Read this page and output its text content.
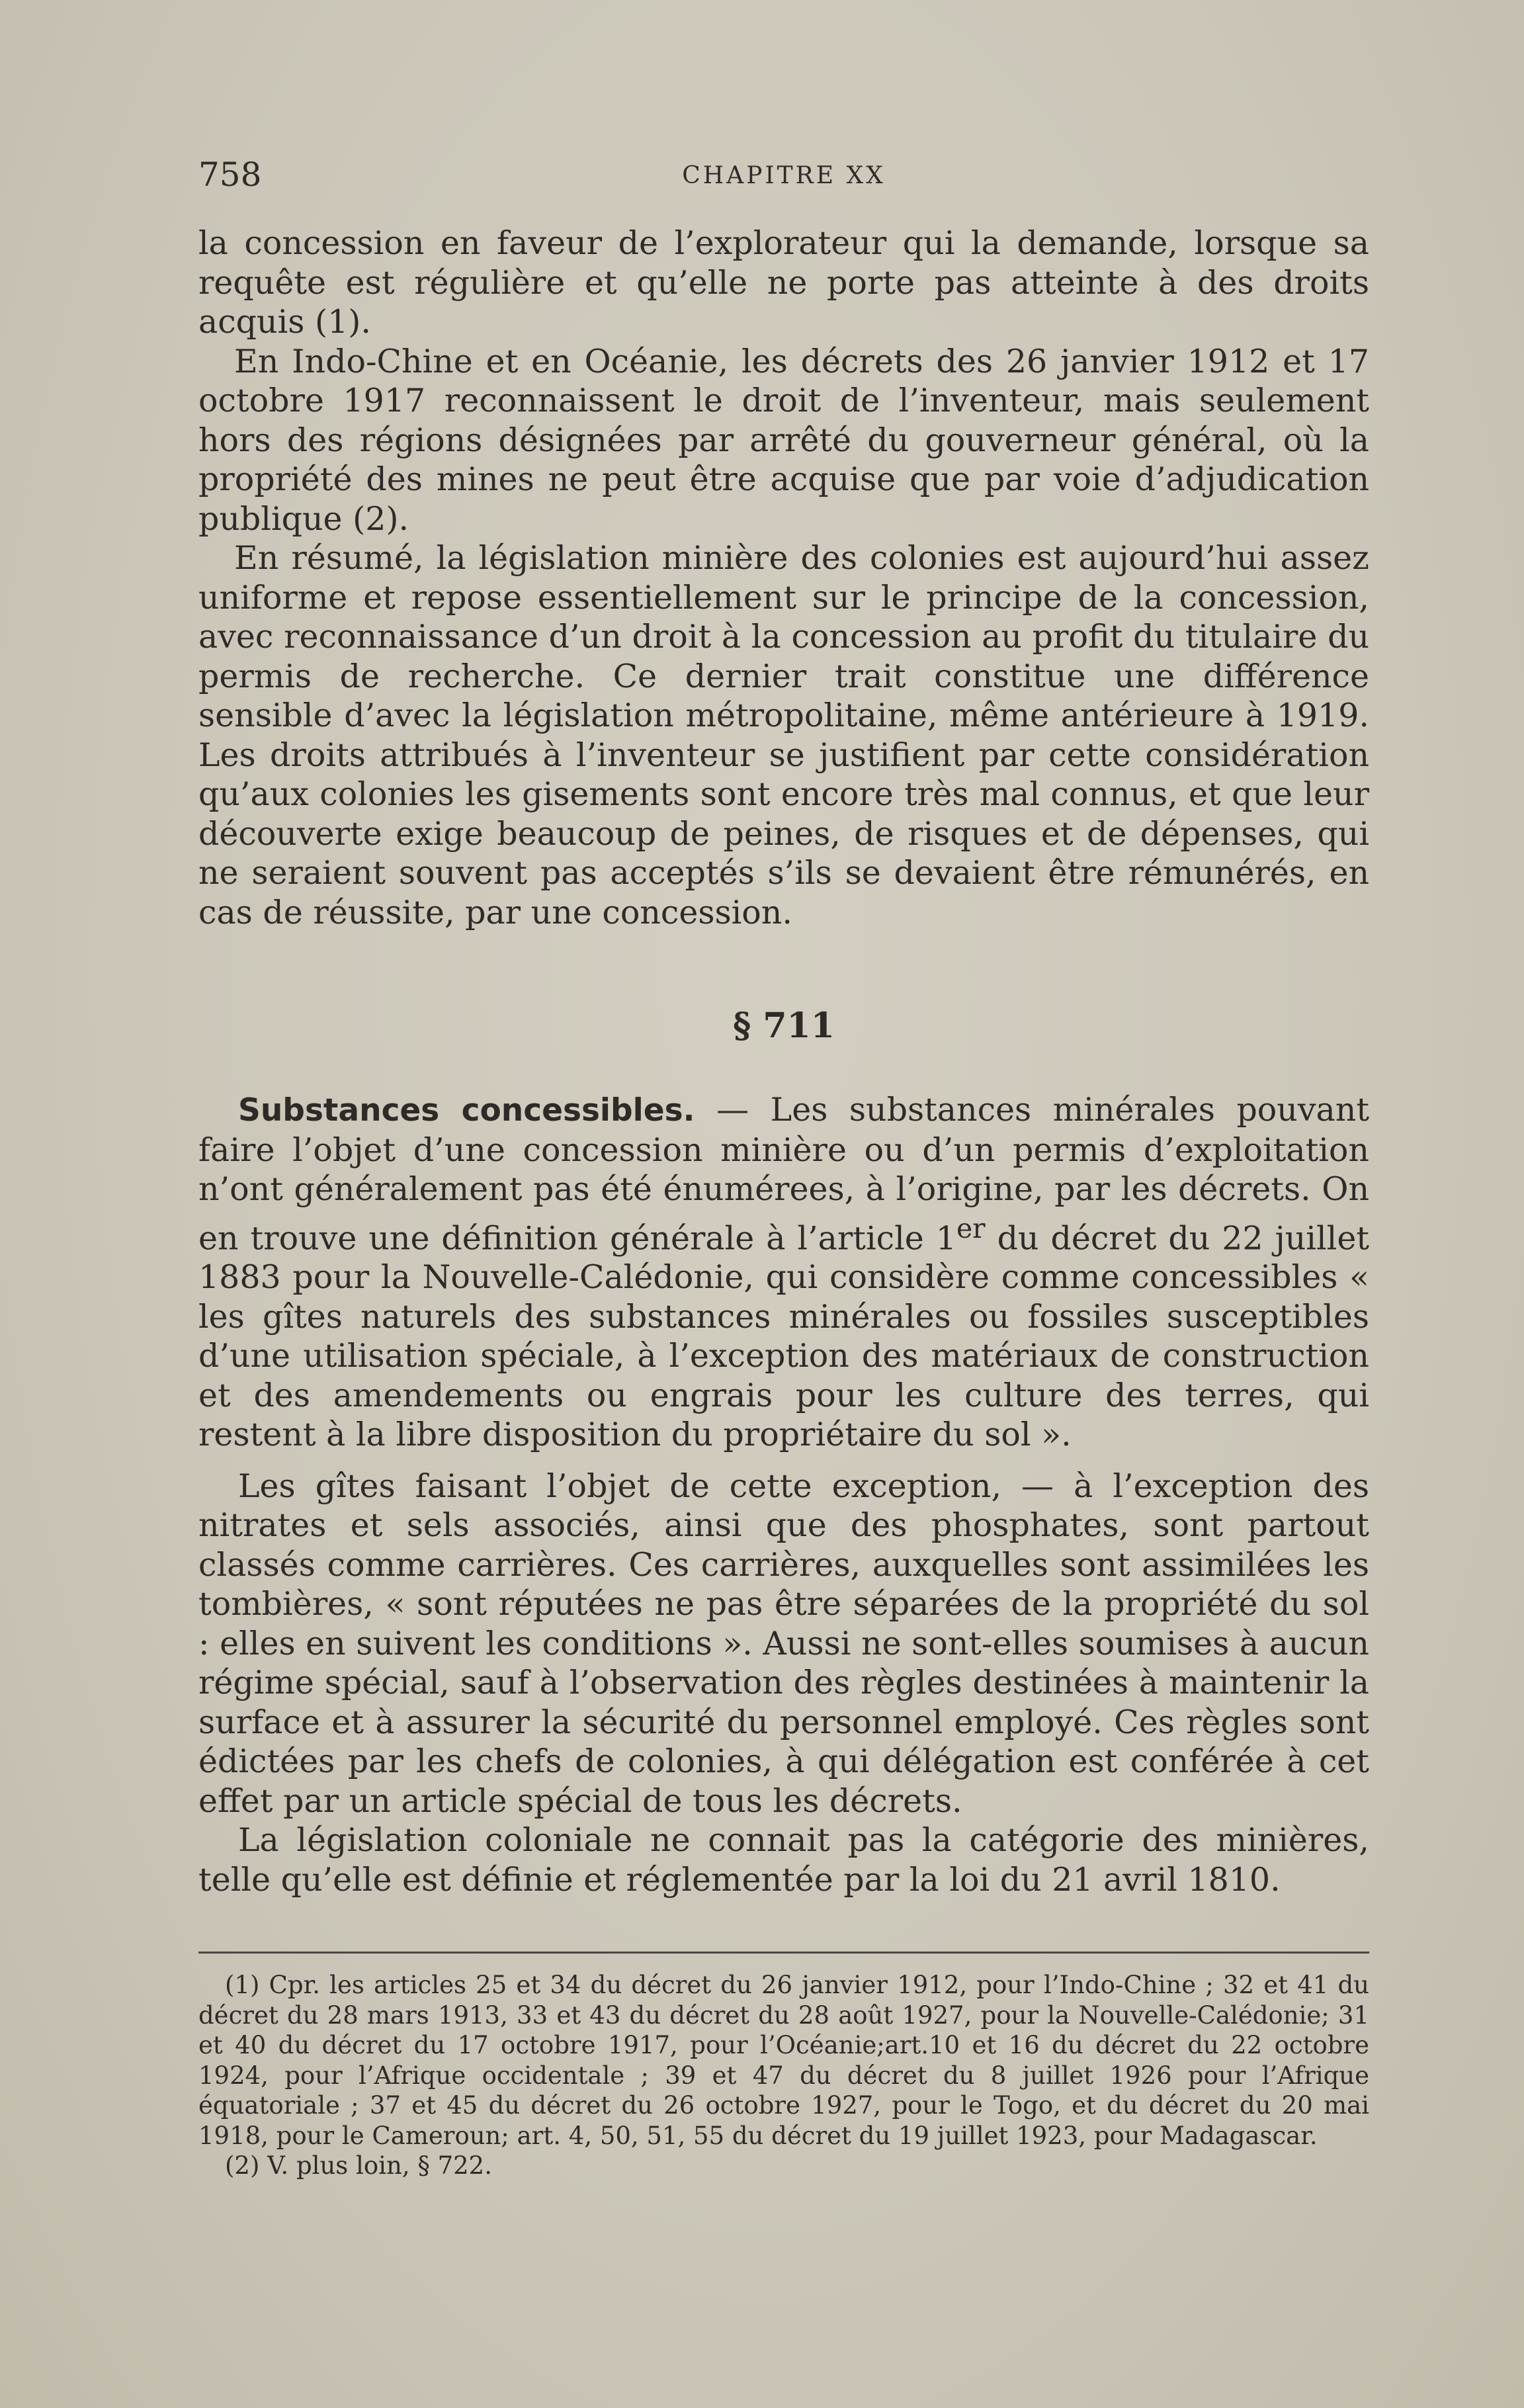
758	CHAPITRE XX

la concession en faveur de l’explorateur qui la demande, lorsque sa requête est régulière et qu’elle ne porte pas atteinte à des droits acquis (1).

En Indo-Chine et en Océanie, les décrets des 26 janvier 1912 et 17 octobre 1917 reconnaissent le droit de l’inventeur, mais seulement hors des régions désignées par arrêté du gouverneur général, où la propriété des mines ne peut être acquise que par voie d’adjudication publique (2).

En résumé, la législation minière des colonies est aujourd’hui assez uniforme et repose essentiellement sur le principe de la concession, avec reconnaissance d’un droit à la concession au profit du titulaire du permis de recherche. Ce dernier trait constitue une différence sensible d’avec la législation métropolitaine, même antérieure à 1919. Les droits attribués à l’inventeur se justifient par cette considération qu’aux colonies les gisements sont encore très mal connus, et que leur découverte exige beaucoup de peines, de risques et de dépenses, qui ne seraient souvent pas acceptés s’ils se devaient être rémunérés, en cas de réussite, par une concession.

§ 711

Substances concessibles. — Les substances minérales pouvant faire l’objet d’une concession minière ou d’un permis d’exploitation n’ont généralement pas été énumérees, à l’origine, par les décrets. On en trouve une définition générale à l’article 1er du décret du 22 juillet 1883 pour la Nouvelle-Calédonie, qui considère comme concessibles « les gîtes naturels des substances minérales ou fossiles susceptibles d’une utilisation spéciale, à l’exception des matériaux de construction et des amendements ou engrais pour les culture des terres, qui restent à la libre disposition du propriétaire du sol ».

Les gîtes faisant l’objet de cette exception, — à l’exception des nitrates et sels associés, ainsi que des phosphates, sont partout classés comme carrières. Ces carrières, auxquelles sont assimilées les tombières, « sont réputées ne pas être séparées de la propriété du sol : elles en suivent les conditions ». Aussi ne sont-elles soumises à aucun régime spécial, sauf à l’observation des règles destinées à maintenir la surface et à assurer la sécurité du personnel employé. Ces règles sont édictées par les chefs de colonies, à qui délégation est conférée à cet effet par un article spécial de tous les décrets.

La législation coloniale ne connait pas la catégorie des minières, telle qu’elle est définie et réglementée par la loi du 21 avril 1810.

(1) Cpr. les articles 25 et 34 du décret du 26 janvier 1912, pour l’Indo-Chine ; 32 et 41 du décret du 28 mars 1913, 33 et 43 du décret du 28 août 1927, pour la Nouvelle-Calédonie; 31 et 40 du décret du 17 octobre 1917, pour l’Océanie;art.10 et 16 du décret du 22 octobre 1924, pour l’Afrique occidentale ; 39 et 47 du décret du 8 juillet 1926 pour l’Afrique équatoriale ; 37 et 45 du décret du 26 octobre 1927, pour le Togo, et du décret du 20 mai 1918, pour le Cameroun; art. 4, 50, 51, 55 du décret du 19 juillet 1923, pour Madagascar.

(2) V. plus loin, § 722.
